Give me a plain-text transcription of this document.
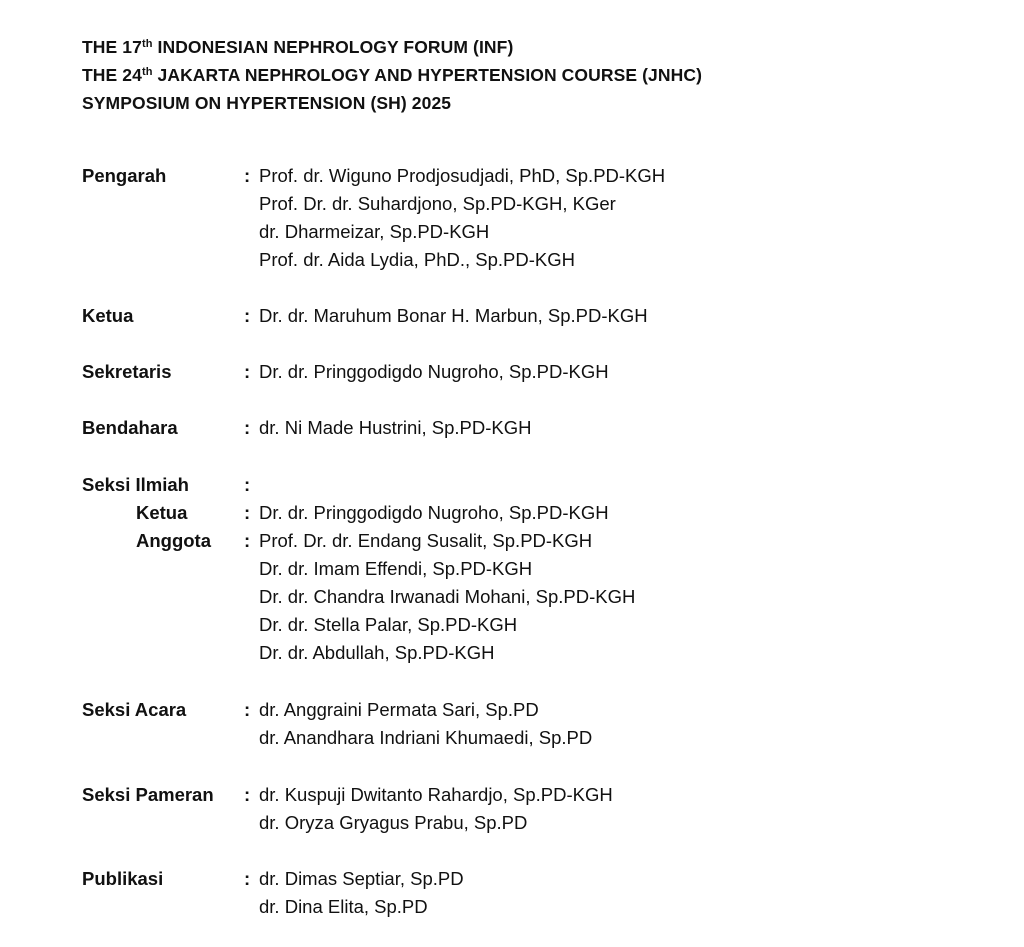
THE 17th INDONESIAN NEPHROLOGY FORUM (INF)
THE 24th JAKARTA NEPHROLOGY AND HYPERTENSION COURSE (JNHC)
SYMPOSIUM ON HYPERTENSION (SH) 2025
Pengarah	: Prof. dr. Wiguno Prodjosudjadi, PhD, Sp.PD-KGH
Prof. Dr. dr. Suhardjono, Sp.PD-KGH, KGer
dr. Dharmeizar, Sp.PD-KGH
Prof. dr. Aida Lydia, PhD., Sp.PD-KGH
Ketua	: Dr. dr. Maruhum Bonar H. Marbun, Sp.PD-KGH
Sekretaris	: Dr. dr. Pringgodigdo Nugroho, Sp.PD-KGH
Bendahara	: dr. Ni Made Hustrini, Sp.PD-KGH
Seksi Ilmiah	:
Ketua	: Dr. dr. Pringgodigdo Nugroho, Sp.PD-KGH
Anggota : Prof. Dr. dr. Endang Susalit, Sp.PD-KGH
Dr. dr. Imam Effendi, Sp.PD-KGH
Dr. dr. Chandra Irwanadi Mohani, Sp.PD-KGH
Dr. dr. Stella Palar, Sp.PD-KGH
Dr. dr. Abdullah, Sp.PD-KGH
Seksi Acara	: dr. Anggraini Permata Sari, Sp.PD
dr. Anandhara Indriani Khumaedi, Sp.PD
Seksi Pameran : dr. Kuspuji Dwitanto Rahardjo, Sp.PD-KGH
dr. Oryza Gryagus Prabu, Sp.PD
Publikasi	: dr. Dimas Septiar, Sp.PD
dr. Dina Elita, Sp.PD
